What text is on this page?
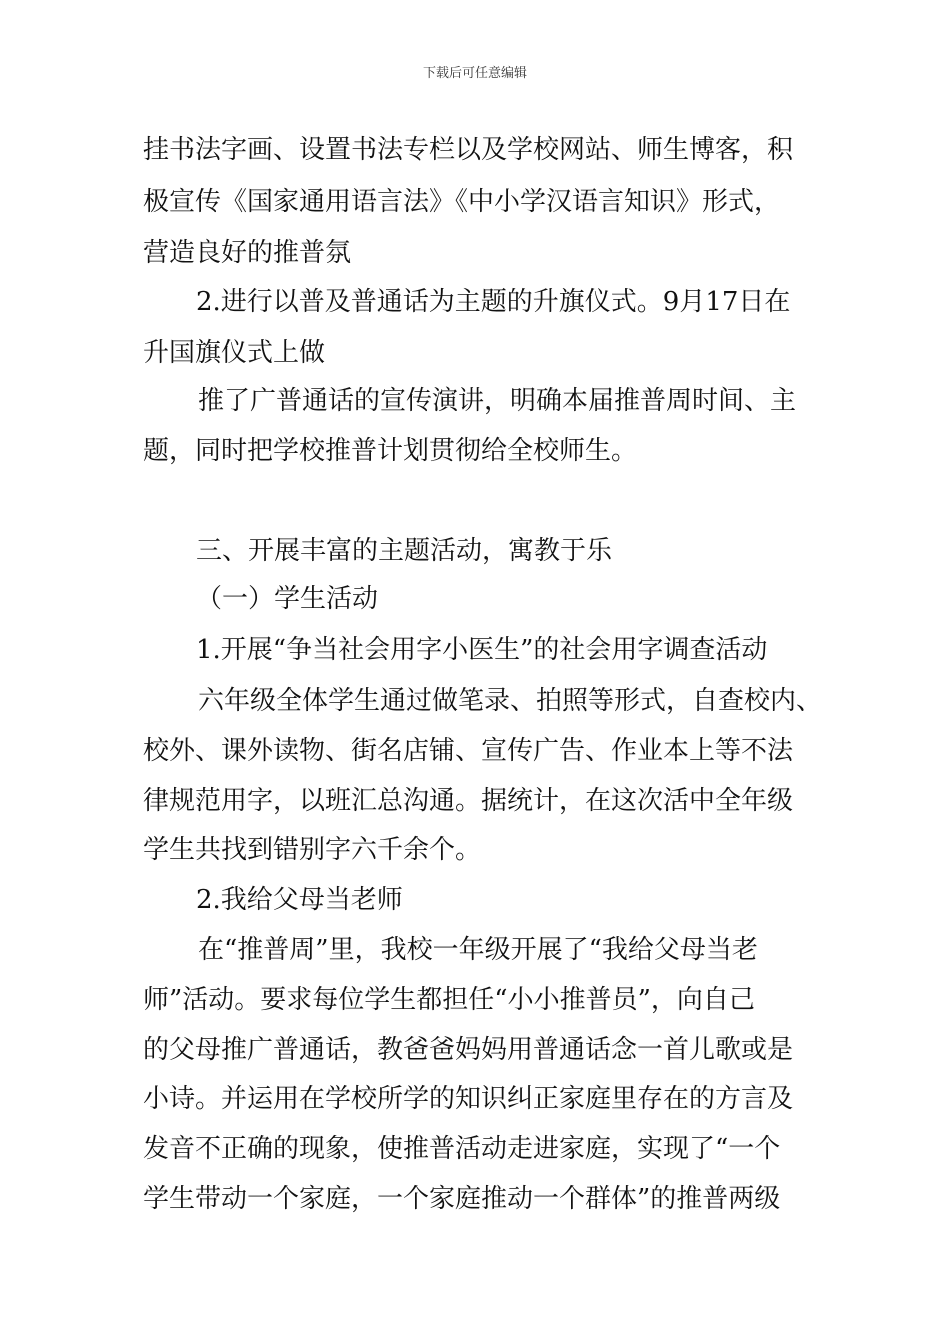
下载后可任意编辑
挂书法字画、设置书法专栏以及学校网站、师生博客，积
极宣传《国家通用语言法》《中小学汉语言知识》形式，
营造良好的推普氛
2.进行以普及普通话为主题的升旗仪式。9月17日在
升国旗仪式上做
推了广普通话的宣传演讲，明确本届推普周时间、主
题，同时把学校推普计划贯彻给全校师生。
三、开展丰富的主题活动，寓教于乐
（一）学生活动
1.开展“争当社会用字小医生”的社会用字调查活动
六年级全体学生通过做笔录、拍照等形式，自查校内、
校外、课外读物、街名店铺、宣传广告、作业本上等不法
律规范用字，以班汇总沟通。据统计，在这次活中全年级
学生共找到错别字六千余个。
2.我给父母当老师
在“推普周”里，我校一年级开展了“我给父母当老
师”活动。要求每位学生都担任“小小推普员”，向自己
的父母推广普通话，教爸爸妈妈用普通话念一首儿歌或是
小诗。并运用在学校所学的知识纠正家庭里存在的方言及
发音不正确的现象，使推普活动走进家庭，实现了“一个
学生带动一个家庭，一个家庭推动一个群体”的推普两级
